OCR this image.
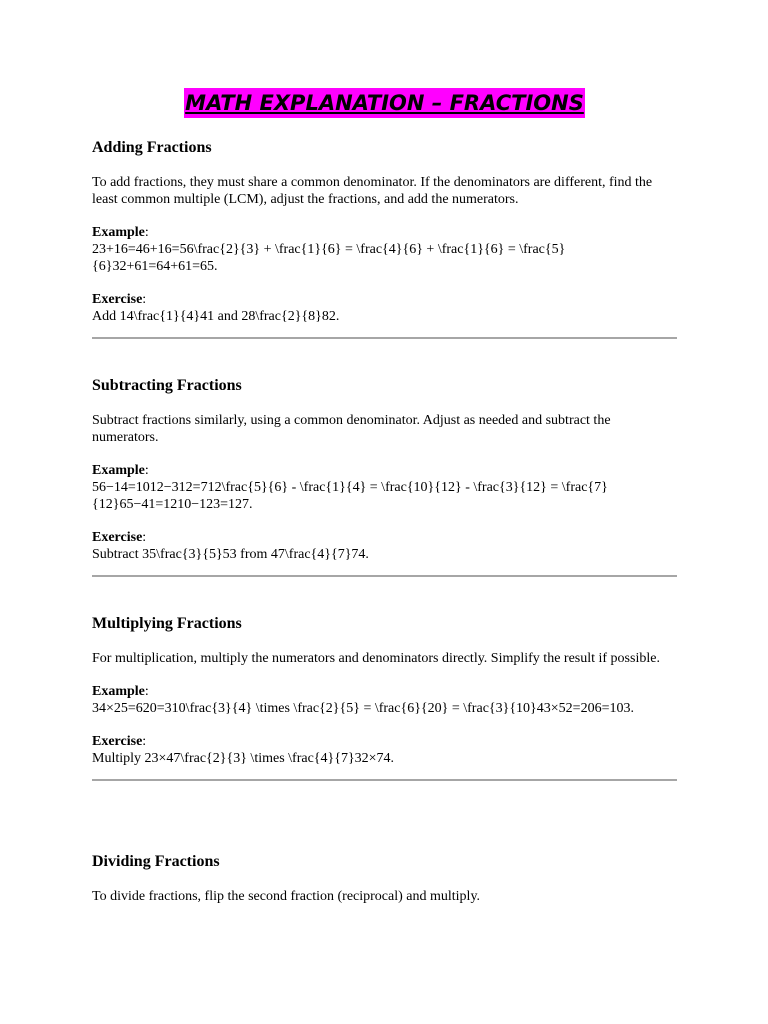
MATH EXPLANATION – FRACTIONS
Adding Fractions

To add fractions, they must share a common denominator. If the denominators are different, find the least common multiple (LCM), adjust the fractions, and add the numerators.

Example:

23+16=46+16=56\frac{2}{3} + \frac{1}{6} = \frac{4}{6} + \frac{1}{6} = \frac{5}{6}32+61=64+61=65.

Exercise:

Add 14\frac{1}{4}41 and 28\frac{2}{8}82.

Subtracting Fractions

Subtract fractions similarly, using a common denominator. Adjust as needed and subtract the numerators.

Example:

56−14=1012−312=712\frac{5}{6} - \frac{1}{4} = \frac{10}{12} - \frac{3}{12} = \frac{7}{12}65−41=1210−123=127.

Exercise:

Subtract 35\frac{3}{5}53 from 47\frac{4}{7}74.

Multiplying Fractions

For multiplication, multiply the numerators and denominators directly. Simplify the result if possible.

Example:

34×25=620=310\frac{3}{4} \times \frac{2}{5} = \frac{6}{20} = \frac{3}{10}43×52=206=103.

Exercise:

Multiply 23×47\frac{2}{3} \times \frac{4}{7}32×74.

Dividing Fractions

To divide fractions, flip the second fraction (reciprocal) and multiply.
